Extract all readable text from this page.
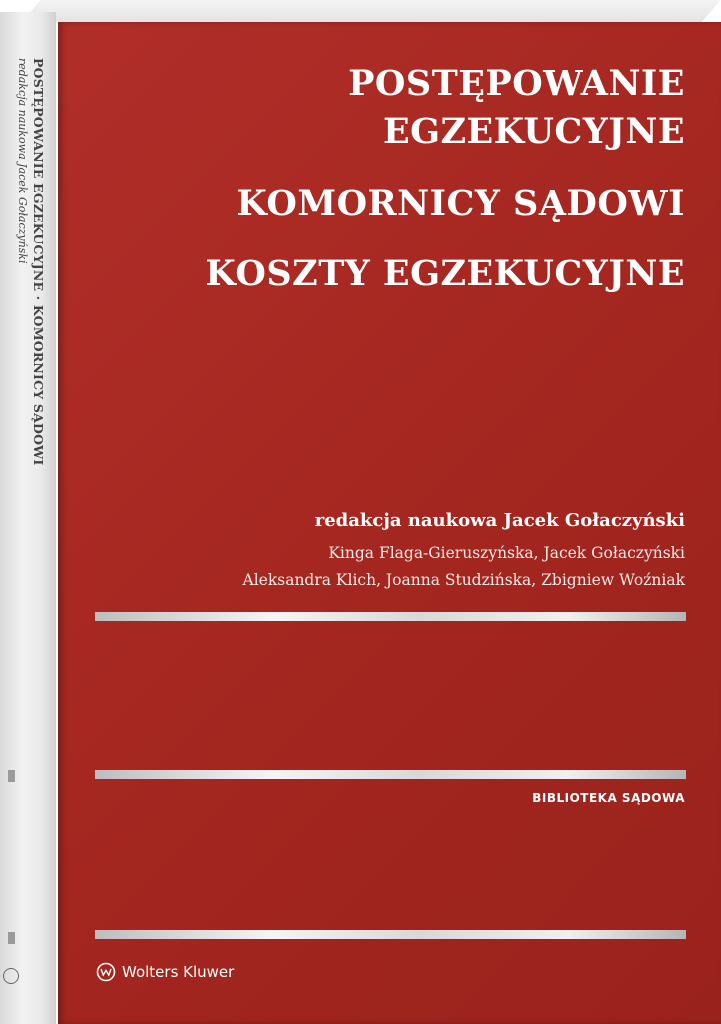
POSTĘPOWANIE EGZEKUCYJNE · KOMORNICY SĄDOWI
redakcja naukowa Jacek Gołaczyński	POSTĘPOWANIE
EGZEKUCYJNE
KOMORNICY SĄDOWI
KOSZTY EGZEKUCYJNE
redakcja naukowa Jacek Gołaczyński
Kinga Flaga-Gieruszyńska, Jacek Gołaczyński
Aleksandra Klich, Joanna Studzińska, Zbigniew Woźniak
BIBLIOTEKA SĄDOWA
Wolters Kluwer
